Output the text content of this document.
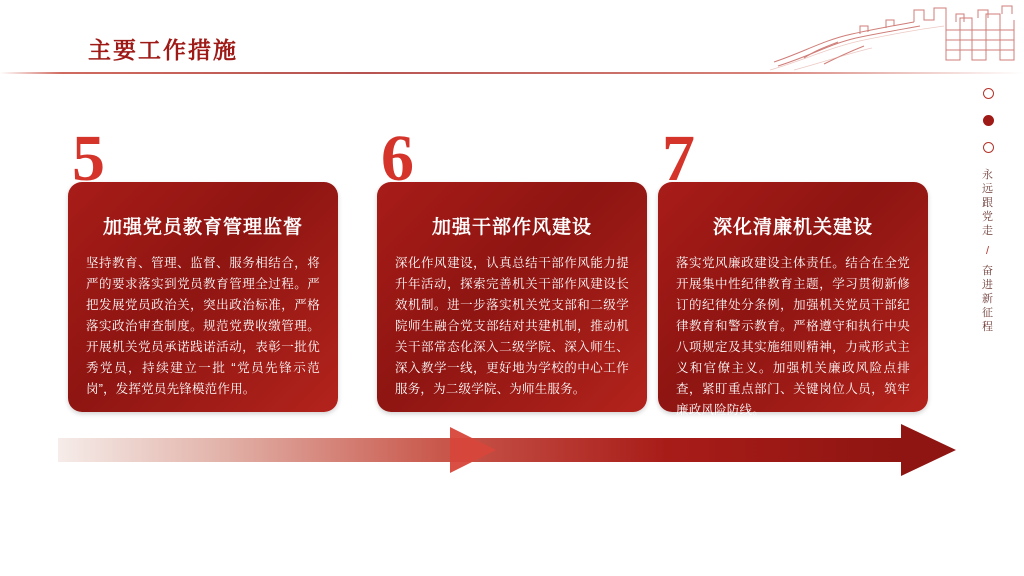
主要工作措施
永远跟党走
/
奋进新征程
5
加强党员教育管理监督
坚持教育、管理、监督、服务相结合，将严的要求落实到党员教育管理全过程。严把发展党员政治关，突出政治标准，严格落实政治审查制度。规范党费收缴管理。开展机关党员承诺践诺活动，表彰一批优秀党员，持续建立一批 “党员先锋示范岗”，发挥党员先锋模范作用。
6
加强干部作风建设
深化作风建设，认真总结干部作风能力提升年活动，探索完善机关干部作风建设长效机制。进一步落实机关党支部和二级学院师生融合党支部结对共建机制，推动机关干部常态化深入二级学院、深入师生、深入教学一线，更好地为学校的中心工作服务，为二级学院、为师生服务。
7
深化清廉机关建设
落实党风廉政建设主体责任。结合在全党开展集中性纪律教育主题，学习贯彻新修订的纪律处分条例，加强机关党员干部纪律教育和警示教育。严格遵守和执行中央八项规定及其实施细则精神，力戒形式主义和官僚主义。加强机关廉政风险点排查，紧盯重点部门、关键岗位人员，筑牢廉政风险防线。
